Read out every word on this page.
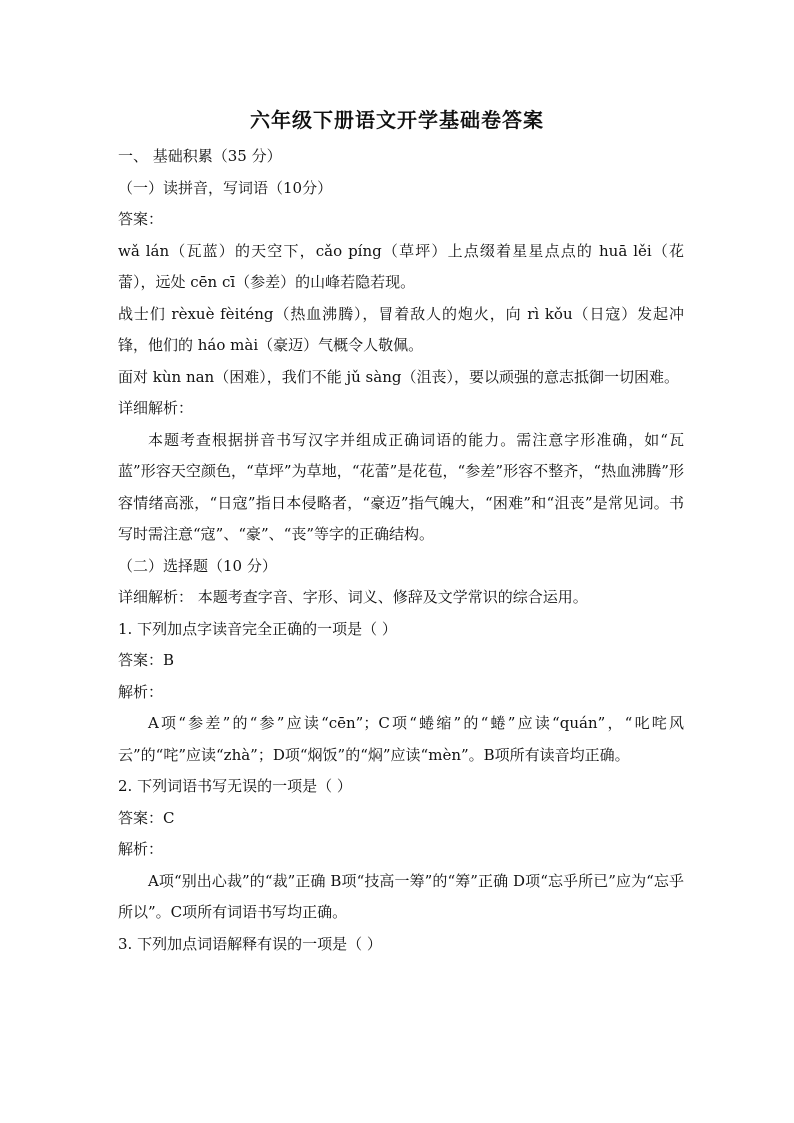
六年级下册语文开学基础卷答案

一、 基础积累（35 分）

（一）读拼音，写词语（10分）

答案：

wǎ lán（瓦蓝）的天空下，cǎo píng（草坪）上点缀着星星点点的 huā lěi（花蕾），远处 cēn cī（参差）的山峰若隐若现。

战士们 rèxuè fèiténg（热血沸腾），冒着敌人的炮火，向 rì kǒu（日寇）发起冲锋，他们的 háo mài（豪迈）气概令人敬佩。

面对 kùn nan（困难），我们不能 jǔ sàng（沮丧），要以顽强的意志抵御一切困难。

详细解析：

本题考查根据拼音书写汉字并组成正确词语的能力。需注意字形准确，如“瓦蓝”形容天空颜色，“草坪”为草地，“花蕾”是花苞，“参差”形容不整齐，“热血沸腾”形容情绪高涨，“日寇”指日本侵略者，“豪迈”指气魄大，“困难”和“沮丧”是常见词。书写时需注意“寇”、“豪”、“丧”等字的正确结构。

（二）选择题（10 分）

详细解析： 本题考查字音、字形、词义、修辞及文学常识的综合运用。

1. 下列加点字读音完全正确的一项是（ ）

答案：B

解析：

A项“参差”的“参”应读“cēn”；C项“蜷缩”的“蜷”应读“quán”，“叱咤风云”的“咤”应读“zhà”；D项“焖饭”的“焖”应读“mèn”。B项所有读音均正确。

2. 下列词语书写无误的一项是（ ）

答案：C

解析：

A项“别出心裁”的“裁”正确 B项“技高一筹”的“筹”正确 D项“忘乎所已”应为“忘乎所以”。C项所有词语书写均正确。

3. 下列加点词语解释有误的一项是（ ）
